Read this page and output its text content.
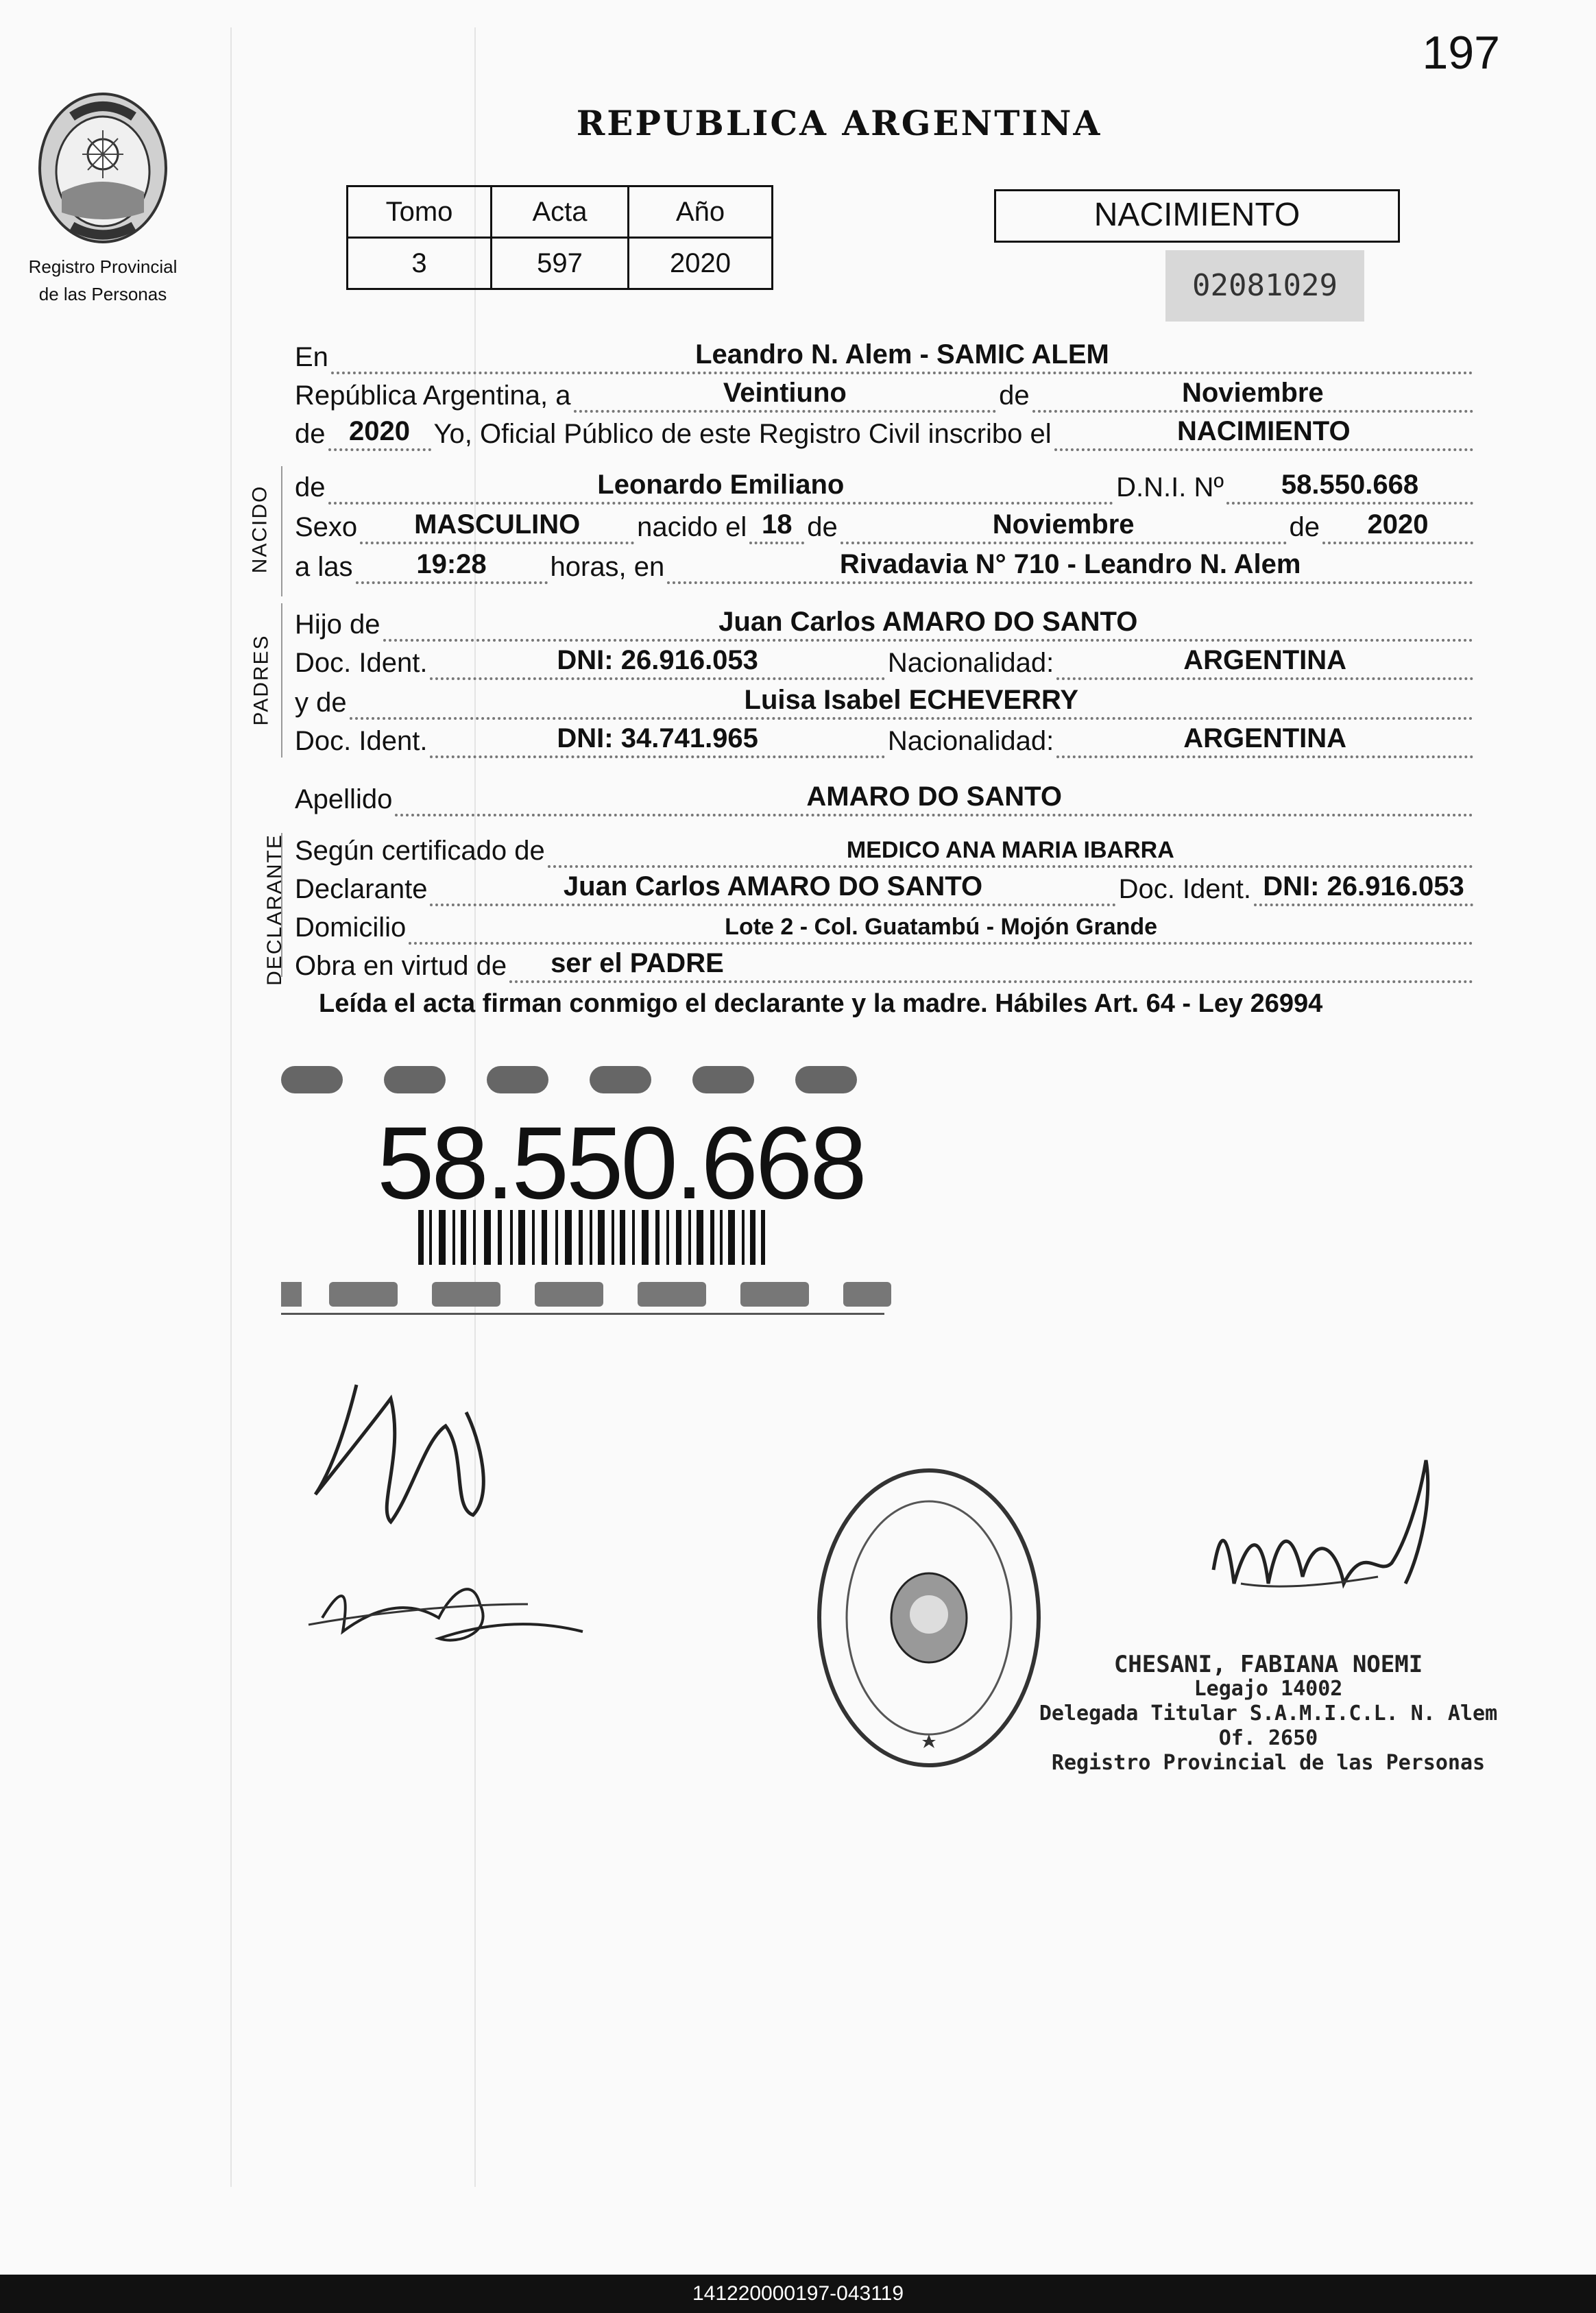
197
Registro Provincial
de las Personas
REPUBLICA ARGENTINA
Tomo	Acta	Año
3	597	2020
NACIMIENTO
02081029
En	Leandro N. Alem - SAMIC ALEM
República Argentina, a	Veintiuno	de	Noviembre
de 2020 Yo, Oficial Público de este Registro Civil inscribo el	NACIMIENTO
NACIDO de	Leonardo Emiliano	D.N.I. Nº	58.550.668
Sexo	MASCULINO	nacido el 18 de	Noviembre	de	2020
a las	19:28	horas, en	Rivadavia N° 710 - Leandro N. Alem
PADRES
Hijo de	Juan Carlos AMARO DO SANTO
Doc. Ident.	DNI: 26.916.053	Nacionalidad:	ARGENTINA
y de	Luisa Isabel ECHEVERRY
Doc. Ident.	DNI: 34.741.965	Nacionalidad:	ARGENTINA
Apellido	AMARO DO SANTO
DECLARANTE Según certificado de	MEDICO ANA MARIA IBARRA
Declarante	Juan Carlos AMARO DO SANTO	Doc. Ident. DNI: 26.916.053
Domicilio	Lote 2 - Col. Guatambú - Mojón Grande
Obra en virtud de	ser el PADRE
Leída el acta firman conmigo el declarante y la madre. Hábiles Art. 64 - Ley 26994
58.550.668
CHESANI, FABIANA NOEMI
Legajo 14002
Delegada Titular S.A.M.I.C.L. N. Alem Of. 2650
Registro Provincial de las Personas
141220000197-043119
